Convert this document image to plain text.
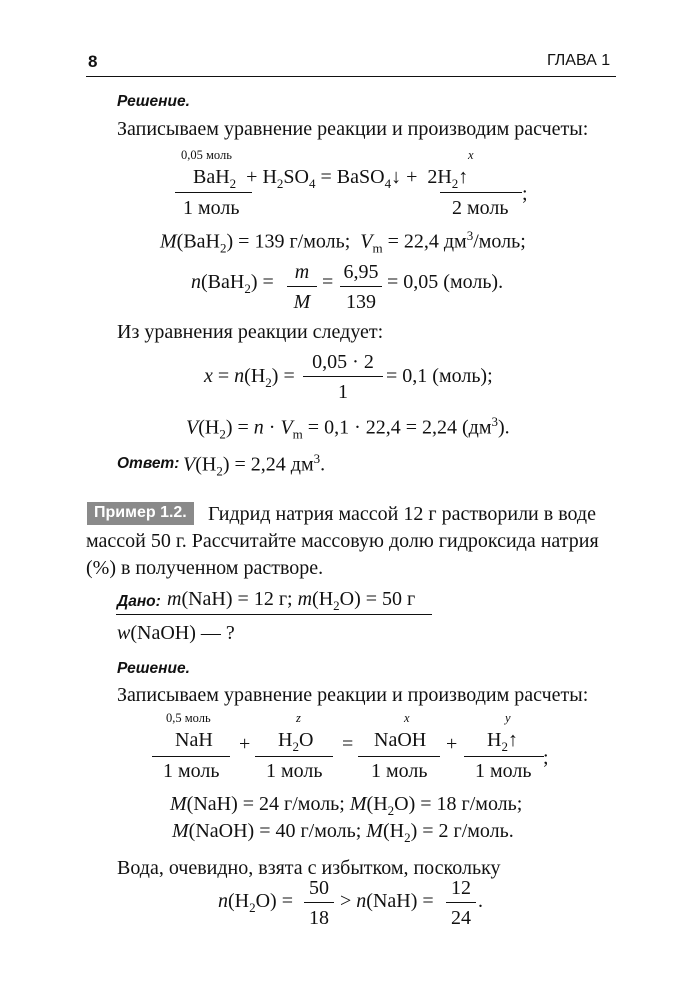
8	ГЛАВА 1
Решение.
Записываем уравнение реакции и производим расчеты:
0,05 моль	x
$BaH_2 + H_2SO_4$ = BaSO$_4$↓ +  $2H_2↑$
;
1 моль	2 моль
M(BaH$_2$) = 139 г/моль;  $V_m = 22,4$ $дм^3$/моль;
n(BaH$_2$) =	m
M
= 6,95
139
= 0,05 (моль).
Из уравнения реакции следует:
$x = n(H_2)$ =
0,05 · 2
1
= 0,1 (моль);
$V(H_2) = n \cdot V_m = 0,1 \cdot 22,4 = 2,24$ $(дм^3)$.
Ответ: $V(H_2) = 2,24$ $дм^3$.
Пример 1.2.	Гидрид натрия массой 12 г растворили в воде
массой 50 г. Рассчитайте массовую долю гидроксида натрия
(%) в полученном растворе.
Дано: m(NaH) = 12 г; $m(H_2O) = 50$ г
w(NaOH) — ?
Решение.
Записываем уравнение реакции и производим расчеты:
0,5 моль	z	x	y
NaH + $H_2O$ = NaOH + $H_2↑$
;
1 моль 1 моль 1 моль 1 моль
M(NaH) = 24 г/моль; $M(H_2O) = 18$ г/моль;
M(NaOH) = 40 г/моль; $M(H_2) = 2$ г/моль.
Вода, очевидно, взята с избытком, поскольку
$n(H_2O)$ =
50
18
> n(NaH) =
12
24
.
